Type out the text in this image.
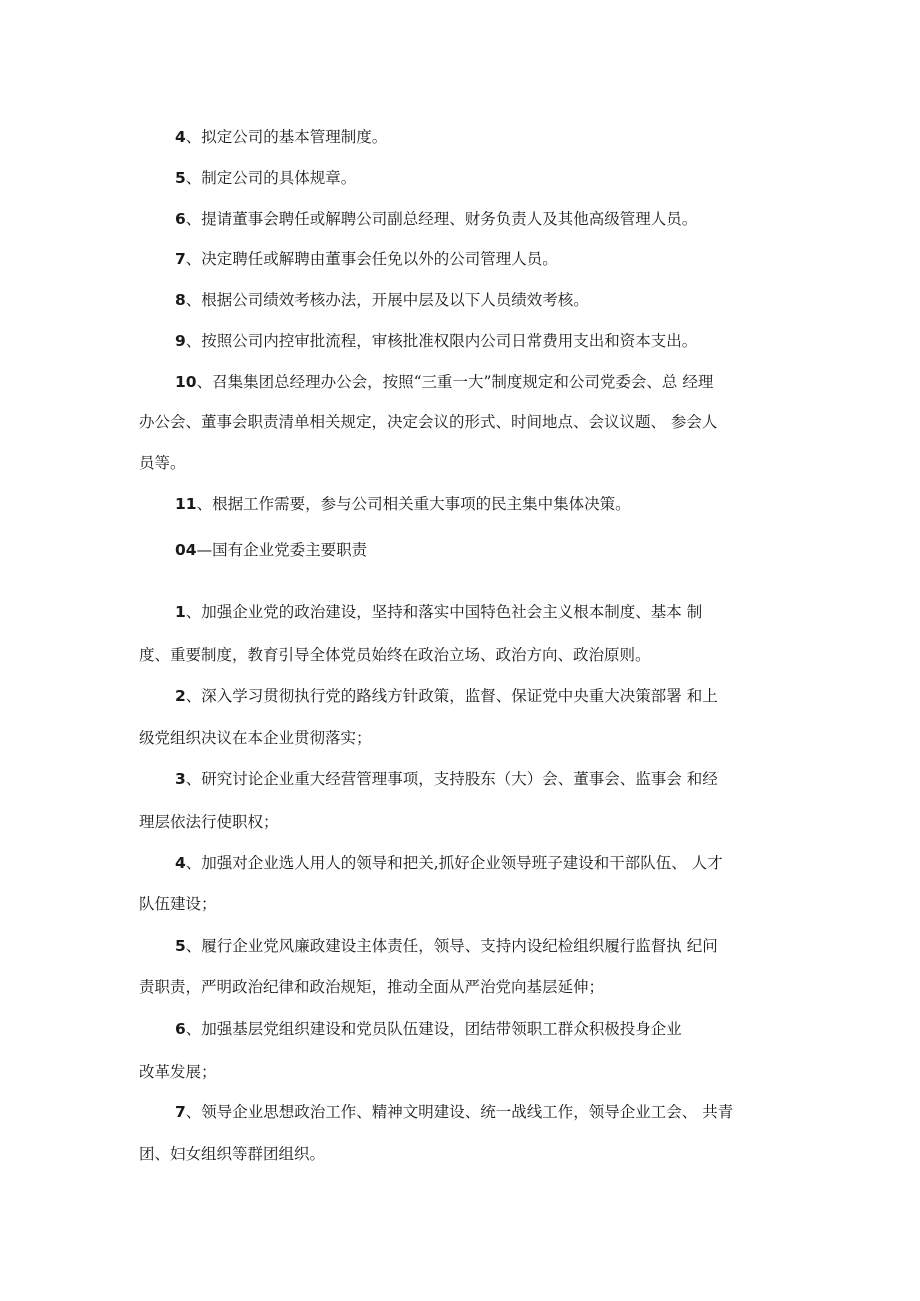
4、拟定公司的基本管理制度。
5、制定公司的具体规章。
6、提请董事会聘任或解聘公司副总经理、财务负责人及其他高级管理人员。
7、决定聘任或解聘由董事会任免以外的公司管理人员。
8、根据公司绩效考核办法，开展中层及以下人员绩效考核。
9、按照公司内控审批流程，审核批准权限内公司日常费用支出和资本支出。
10、召集集团总经理办公会，按照“三重一大”制度规定和公司党委会、总 经理
办公会、董事会职责清单相关规定，决定会议的形式、时间地点、会议议题、 参会人
员等。
11、根据工作需要，参与公司相关重大事项的民主集中集体决策。
04—国有企业党委主要职责
1、加强企业党的政治建设，坚持和落实中国特色社会主义根本制度、基本 制
度、重要制度，教育引导全体党员始终在政治立场、政治方向、政治原则。
2、深入学习贯彻执行党的路线方针政策，监督、保证党中央重大决策部署 和上
级党组织决议在本企业贯彻落实；
3、研究讨论企业重大经营管理事项，支持股东（大）会、董事会、监事会 和经
理层依法行使职权；
4、加强对企业选人用人的领导和把关,抓好企业领导班子建设和干部队伍、 人才
队伍建设；
5、履行企业党风廉政建设主体责任，领导、支持内设纪检组织履行监督执 纪问
责职责，严明政治纪律和政治规矩，推动全面从严治党向基层延伸；
6、加强基层党组织建设和党员队伍建设，团结带领职工群众积极投身企业
改革发展；
7、领导企业思想政治工作、精神文明建设、统一战线工作，领导企业工会、 共青
团、妇女组织等群团组织。
